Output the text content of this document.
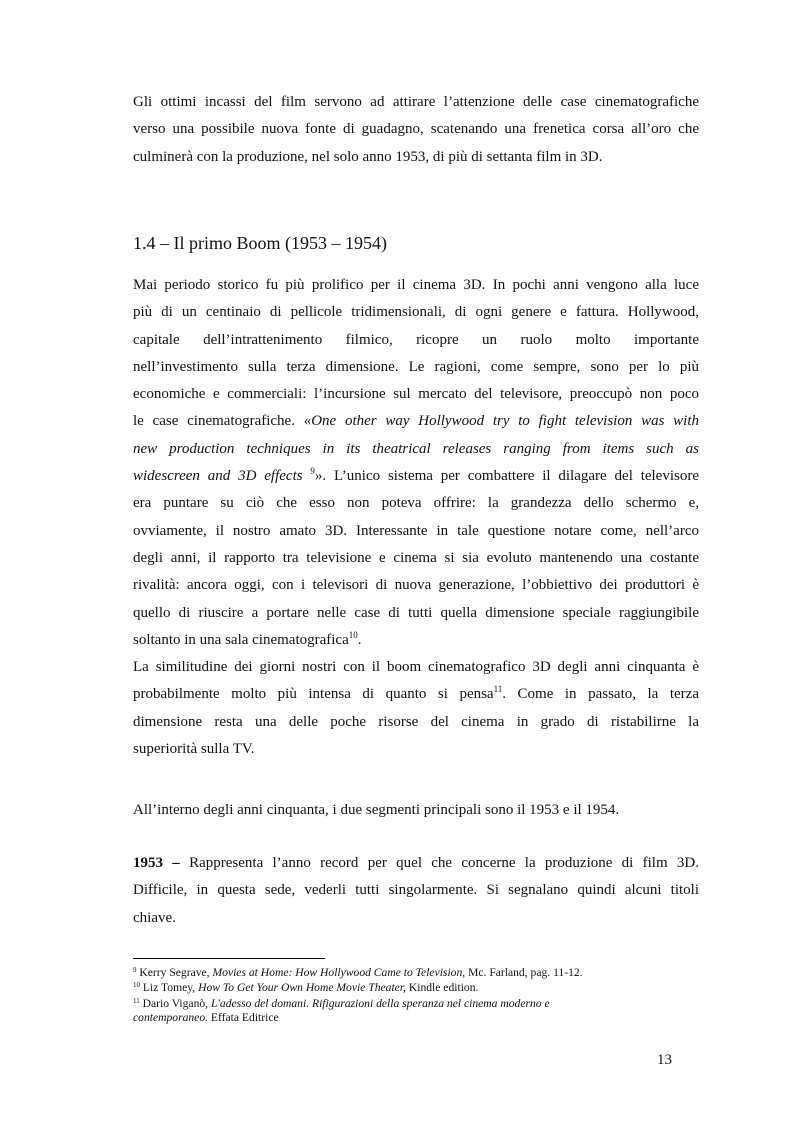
Gli ottimi incassi del film servono ad attirare l’attenzione delle case cinematografiche
verso una possibile nuova fonte di guadagno, scatenando una frenetica corsa all’oro che
culminerà con la produzione, nel solo anno 1953, di più di settanta film in 3D.
1.4 – Il primo Boom (1953 – 1954)
Mai periodo storico fu più prolifico per il cinema 3D. In pochi anni vengono alla luce
più di un centinaio di pellicole tridimensionali, di ogni genere e fattura. Hollywood,
capitale dell’intrattenimento filmico, ricopre un ruolo molto importante
nell’investimento sulla terza dimensione. Le ragioni, come sempre, sono per lo più
economiche e commerciali: l’incursione sul mercato del televisore, preoccupò non poco
le case cinematografiche. «One other way Hollywood try to fight television was with
new production techniques in its theatrical releases ranging from items such as
widescreen and 3D effects $^9$». L’unico sistema per combattere il dilagare del televisore
era puntare su ciò che esso non poteva offrire: la grandezza dello schermo e,
ovviamente, il nostro amato 3D. Interessante in tale questione notare come, nell’arco
degli anni, il rapporto tra televisione e cinema si sia evoluto mantenendo una costante
rivalità: ancora oggi, con i televisori di nuova generazione, l’obbiettivo dei produttori è
quello di riuscire a portare nelle case di tutti quella dimensione speciale raggiungibile
soltanto in una sala cinematografica$^{10}$.
La similitudine dei giorni nostri con il boom cinematografico 3D degli anni cinquanta è
probabilmente molto più intensa di quanto si pensa$^{11}$. Come in passato, la terza
dimensione resta una delle poche risorse del cinema in grado di ristabilirne la
superiorità sulla TV.
All’interno degli anni cinquanta, i due segmenti principali sono il 1953 e il 1954.
1953 – Rappresenta l’anno record per quel che concerne la produzione di film 3D.
Difficile, in questa sede, vederli tutti singolarmente. Si segnalano quindi alcuni titoli
chiave.
$^9$ Kerry Segrave, Movies at Home: How Hollywood Came to Television, Mc. Farland, pag. 11-12.
$^{10}$ Liz Tomey, How To Get Your Own Home Movie Theater, Kindle edition.
$^{11}$ Dario Viganò, L'adesso del domani. Rifigurazioni della speranza nel cinema moderno e
contemporaneo. Effata Editrice
13
